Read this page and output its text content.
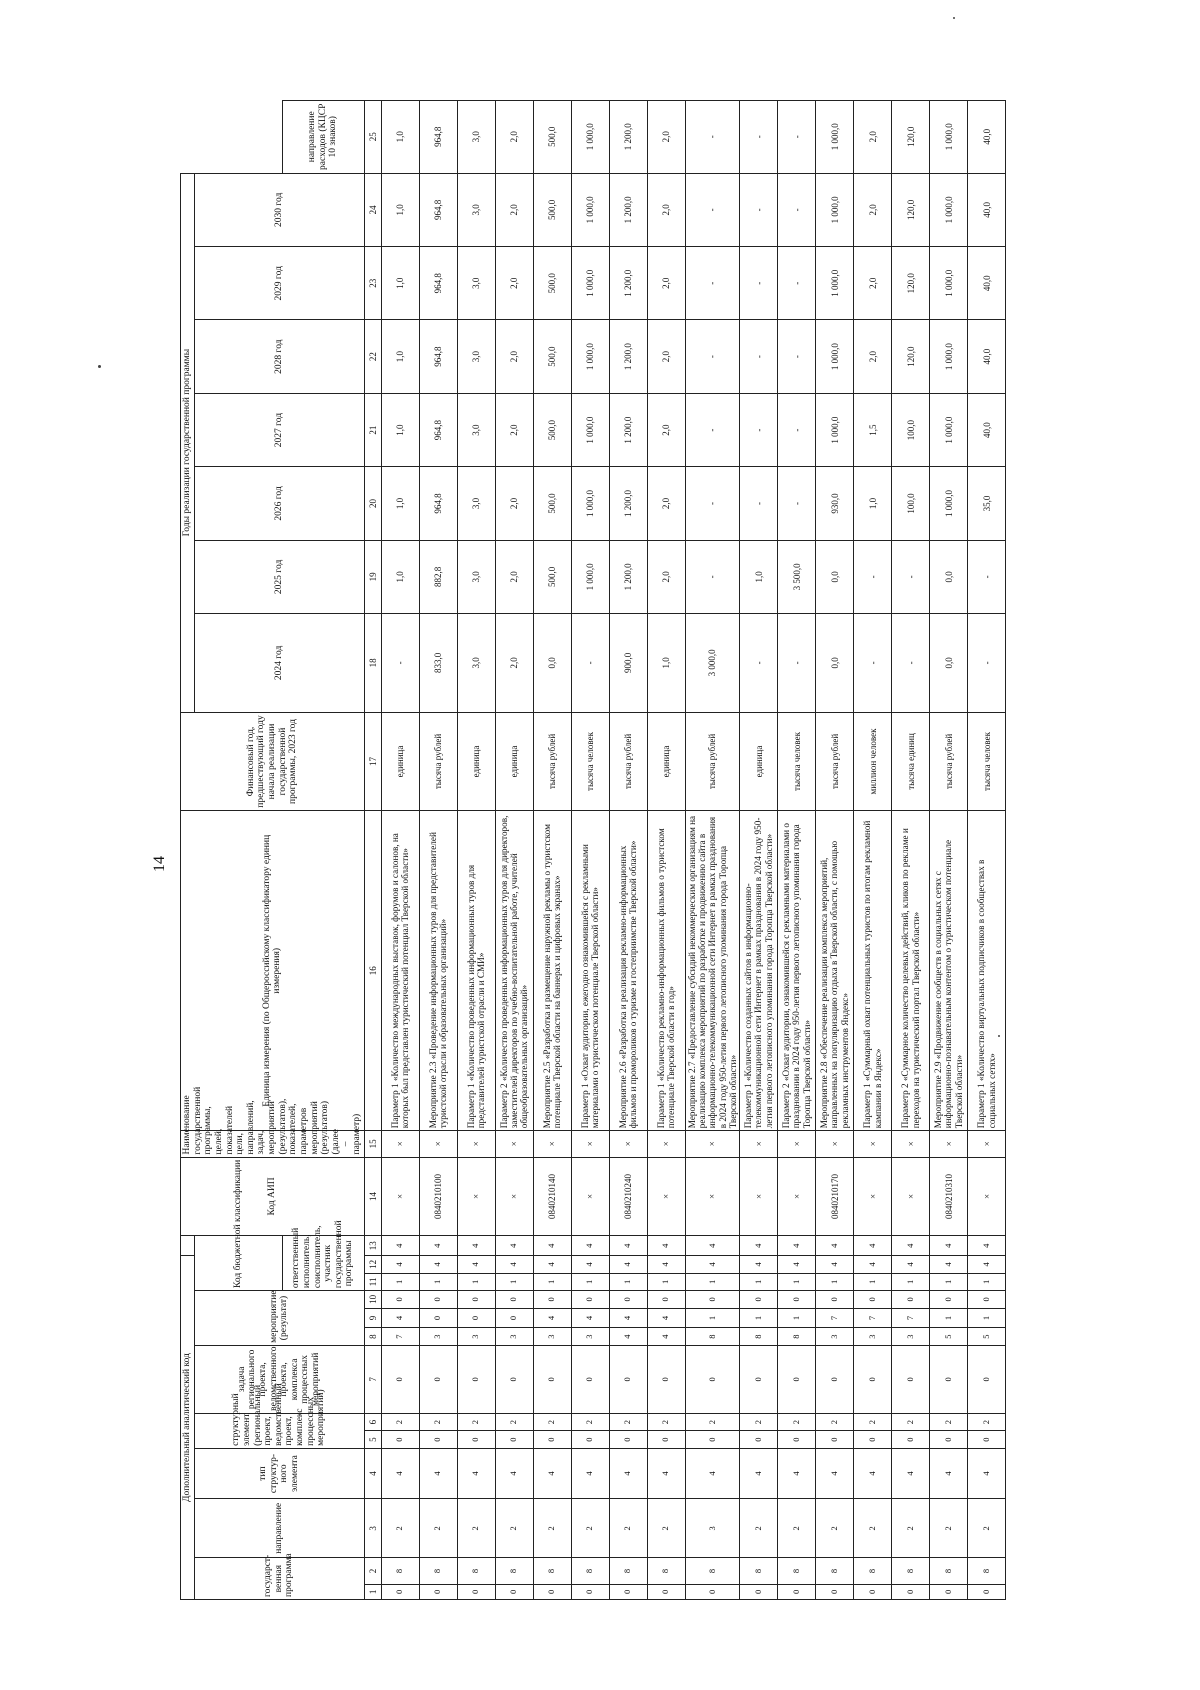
14
Дополнительный аналитический код													Код АИП	Наименование государственной программы, целей, показателей цели, направлений, задач, мероприятий (результатов), показателей, параметров мероприятий (результатов) (далее – параметр)	Единица измерения (по Общероссийскому классификатору единиц измерения)	Финансовый год, предшествующий году начала реализации государственной программы, 2023 год	Годы реализации государственной программы							
государст-венная программа		направление	тип структур-ного элемента	структурный элемент (региональный проект, ведомственный проект, комплекс процессных мероприятий)		задача регионального проекта, ведомственного проекта, комплекса процессных мероприятий	мероприятие (результат)			Код бюджетной классификации							2024 год	2025 год	2026 год	2027 год	2028 год	2029 год	2030 год	
										ответственный исполнитель, соисполнитель, участник государственной программы														направление расходов (КЦСР 10 знаков)
1	2	3	4	5	6	7	8	9	10	11	12	13	14	15	16	17	18	19	20	21	22	23	24	25
0	8	2	4	0	2	0	7	4	0	1	4	4	×	×	Параметр 1 «Количество международных выставок, форумов и салонов, на которых был представлен туристический потенциал Тверской области»	единица	-	1,0	1,0	1,0	1,0	1,0	1,0	1,0
0	8	2	4	0	2	0	3	0	0	1	4	4	0840210100	×	Мероприятие 2.3 «Проведение информационных туров для представителей туристской отрасли и образовательных организаций»	тысяча рублей	833,0	882,8	964,8	964,8	964,8	964,8	964,8	964,8
0	8	2	4	0	2	0	3	0	0	1	4	4	×	×	Параметр 1 «Количество проведенных информационных туров для представителей туристской отрасли и СМИ»	единица	3,0	3,0	3,0	3,0	3,0	3,0	3,0	3,0
0	8	2	4	0	2	0	3	0	0	1	4	4	×	×	Параметр 2 «Количество проведенных информационных туров для директоров, заместителей директоров по учебно-воспитательной работе, учителей общеобразовательных организаций»	единица	2,0	2,0	2,0	2,0	2,0	2,0	2,0	2,0
0	8	2	4	0	2	0	3	4	0	1	4	4	0840210140	×	Мероприятие 2.5 «Разработка и размещение наружной рекламы о туристском потенциале Тверской области на баннерах и цифровых экранах»	тысяча рублей	0,0	500,0	500,0	500,0	500,0	500,0	500,0	500,0
0	8	2	4	0	2	0	3	4	0	1	4	4	×	×	Параметр 1 «Охват аудитории, ежегодно ознакомившейся с рекламными материалами о туристическом потенциале Тверской области»	тысяча человек	-	1 000,0	1 000,0	1 000,0	1 000,0	1 000,0	1 000,0	1 000,0
0	8	2	4	0	2	0	4	4	0	1	4	4	0840210240	×	Мероприятие 2.6 «Разработка и реализация рекламно-информационных фильмов и промороликов о туризме и гостеприимстве Тверской области»	тысяча рублей	900,0	1 200,0	1 200,0	1 200,0	1 200,0	1 200,0	1 200,0	1 200,0
0	8	2	4	0	2	0	4	4	0	1	4	4	×	×	Параметр 1 «Количество рекламно-информационных фильмов о туристском потенциале Тверской области в год»	единица	1,0	2,0	2,0	2,0	2,0	2,0	2,0	2,0
0	8	3	4	0	2	0	8	1	0	1	4	4	×	×	Мероприятие 2.7 «Предоставление субсидий некоммерческим организациям на реализацию комплекса мероприятий по разработке и продвижению сайта в информационно-телекоммуникационной сети Интернет в рамках празднования в 2024 году 950-летия первого летописного упоминания города Торопца Тверской области»	тысяча рублей	3 000,0	-	-	-	-	-	-	-
0	8	2	4	0	2	0	8	1	0	1	4	4	×	×	Параметр 1 «Количество созданных сайтов в информационно-телекоммуникационной сети Интернет в рамках празднования в 2024 году 950-летия первого летописного упоминания города Торопца Тверской области»	единица	-	1,0	-	-	-	-	-	-
0	8	2	4	0	2	0	8	1	0	1	4	4	×	×	Параметр 2 «Охват аудитории, ознакомившейся с рекламными материалами о праздновании в 2024 году 950-летия первого летописного упоминания города Торопца Тверской области»	тысяча человек	-	3 500,0	-	-	-	-	-	-
0	8	2	4	0	2	0	3	7	0	1	4	4	0840210170	×	Мероприятие 2.8 «Обеспечение реализации комплекса мероприятий, направленных на популяризацию отдыха в Тверской области, с помощью рекламных инструментов Яндекс»	тысяча рублей	0,0	0,0	930,0	1 000,0	1 000,0	1 000,0	1 000,0	1 000,0
0	8	2	4	0	2	0	3	7	0	1	4	4	×	×	Параметр 1 «Суммарный охват потенциальных туристов по итогам рекламной кампании в Яндекс»	миллион человек	-	-	1,0	1,5	2,0	2,0	2,0	2,0
0	8	2	4	0	2	0	3	7	0	1	4	4	×	×	Параметр 2 «Суммарное количество целевых действий, кликов по рекламе и переходов на туристический портал Тверской области»	тысяча единиц	-	-	100,0	100,0	120,0	120,0	120,0	120,0
0	8	2	4	0	2	0	5	1	0	1	4	4	0840210310	×	Мероприятие 2.9 «Продвижение сообществ в социальных сетях с информационно-познавательным контентом о туристическом потенциале Тверской области»	тысяча рублей	0,0	0,0	1 000,0	1 000,0	1 000,0	1 000,0	1 000,0	1 000,0
0	8	2	4	0	2	0	5	1	0	1	4	4	×	×	Параметр 1 «Количество виртуальных подписчиков в сообществах в социальных сетях»	тысяча человек	-	-	35,0	40,0	40,0	40,0	40,0	40,0
